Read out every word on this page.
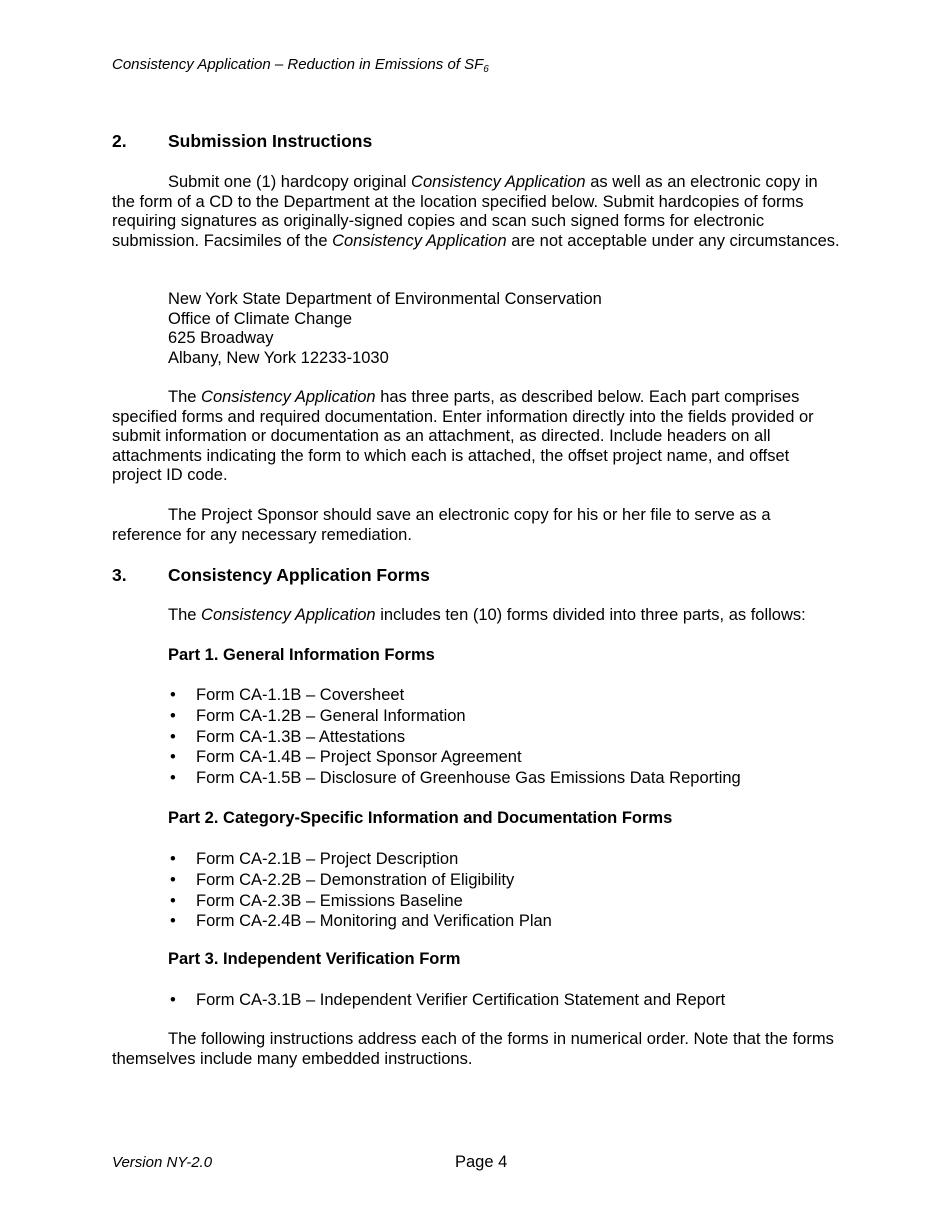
Consistency Application – Reduction in Emissions of $SF_6$
2. Submission Instructions

Submit one (1) hardcopy original Consistency Application as well as an electronic copy in the form of a CD to the Department at the location specified below. Submit hardcopies of forms requiring signatures as originally-signed copies and scan such signed forms for electronic submission. Facsimiles of the Consistency Application are not acceptable under any circumstances.

New York State Department of Environmental Conservation
Office of Climate Change
625 Broadway
Albany, New York 12233-1030

The Consistency Application has three parts, as described below. Each part comprises specified forms and required documentation. Enter information directly into the fields provided or submit information or documentation as an attachment, as directed. Include headers on all attachments indicating the form to which each is attached, the offset project name, and offset project ID code.

The Project Sponsor should save an electronic copy for his or her file to serve as a reference for any necessary remediation.

3. Consistency Application Forms
The Consistency Application includes ten (10) forms divided into three parts, as follows:
Part 1. General Information Forms
• Form CA-1.1B – Coversheet
• Form CA-1.2B – General Information
• Form CA-1.3B – Attestations
• Form CA-1.4B – Project Sponsor Agreement
• Form CA-1.5B – Disclosure of Greenhouse Gas Emissions Data Reporting
Part 2. Category-Specific Information and Documentation Forms
• Form CA-2.1B – Project Description
• Form CA-2.2B – Demonstration of Eligibility
• Form CA-2.3B – Emissions Baseline
• Form CA-2.4B – Monitoring and Verification Plan
Part 3. Independent Verification Form
• Form CA-3.1B – Independent Verifier Certification Statement and Report

The following instructions address each of the forms in numerical order. Note that the forms themselves include many embedded instructions.

Version NY-2.0	Page 4
